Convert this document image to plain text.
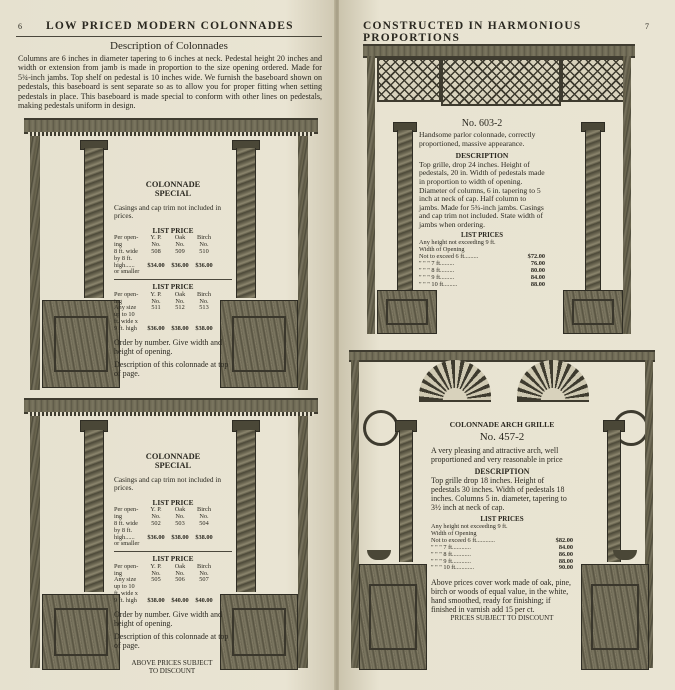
6 LOW PRICED MODERN COLONNADES
Description of Colonnades
Columns are 6 inches in diameter tapering to 6 inches at neck. Pedestal height 20 inches and width or extension from jamb is made in proportion to the size opening ordered. Made for 5¾-inch jambs. Top shelf on pedestal is 10 inches wide. We furnish the baseboard shown on pedestals, this baseboard is sent separate so as to allow you for proper fitting when setting pedestals in place. This baseboard is made special to conform with other lines on pedestals, making pedestals uniform in design.
COLONNADE
SPECIAL
Casings and cap trim not included in prices.
LIST PRICE
Per open-	Y. P.	Oak	Birch
ing	No.	No.	No.
8 ft. wide	508	509	510
by 8 ft.
high......	$34.00	$36.00	$36.00
or smaller
LIST PRICE
Per open-	Y. P.	Oak	Birch
ing	No.	No.	No.
Any size	511	512	513
up to 10
ft. wide x
9 ft. high	$36.00	$38.00	$38.00
Order by number. Give width and height of opening.
Description of this colonnade at top of page.
COLONNADE
SPECIAL
Casings and cap trim not included in prices.
LIST PRICE
Per open-	Y. P.	Oak	Birch
ing	No.	No.	No.
8 ft. wide	502	503	504
by 8 ft.
high......	$36.00	$38.00	$38.00
or smaller
LIST PRICE
Per open-	Y. P.	Oak	Birch
ing	No.	No.	No.
Any size	505	506	507
up to 10
ft. wide x
9 ft. high	$38.00	$40.00	$40.00
Order by number. Give width and height of opening.
Description of this colonnade at top of page.
ABOVE PRICES SUBJECT
TO DISCOUNT
CONSTRUCTED IN HARMONIOUS PROPORTIONS
7
No. 603-2
Handsome parlor colonnade, correctly proportioned, massive appearance.
DESCRIPTION
Top grille, drop 24 inches. Height of pedestals, 20 in. Width of pedestals made in proportion to width of opening. Diameter of columns, 6 in. tapering to 5 inch at neck of cap. Half column to jambs. Made for 5¾-inch jambs. Casings and cap trim not included. State width of jambs when ordering.
LIST PRICES
Any height not exceeding 9 ft.
Width of Opening
Not to exceed 6 ft.........	$72.00
" " " 7 ft.........	76.00
" " " 8 ft.........	80.00
" " " 9 ft.........	84.00
" " " 10 ft.........	88.00
COLONNADE ARCH GRILLE
No. 457-2
A very pleasing and attractive arch, well proportioned and very reasonable in price
DESCRIPTION
Top grille drop 18 inches. Height of pedestals 30 inches. Width of pedestals 18 inches. Columns 5 in. diameter, tapering to 3½ inch at neck of cap.
LIST PRICES
Any height not exceeding 9 ft.
Width of Opening
Not to exceed 6 ft............	$82.00
" " " 7 ft............	84.00
" " " 8 ft............	86.00
" " " 9 ft............	88.00
" " " 10 ft............	90.00
Above prices cover work made of oak, pine, birch or woods of equal value, in the white, hand smoothed, ready for finishing; if finished in varnish add 15 per ct.
PRICES SUBJECT TO DISCOUNT
